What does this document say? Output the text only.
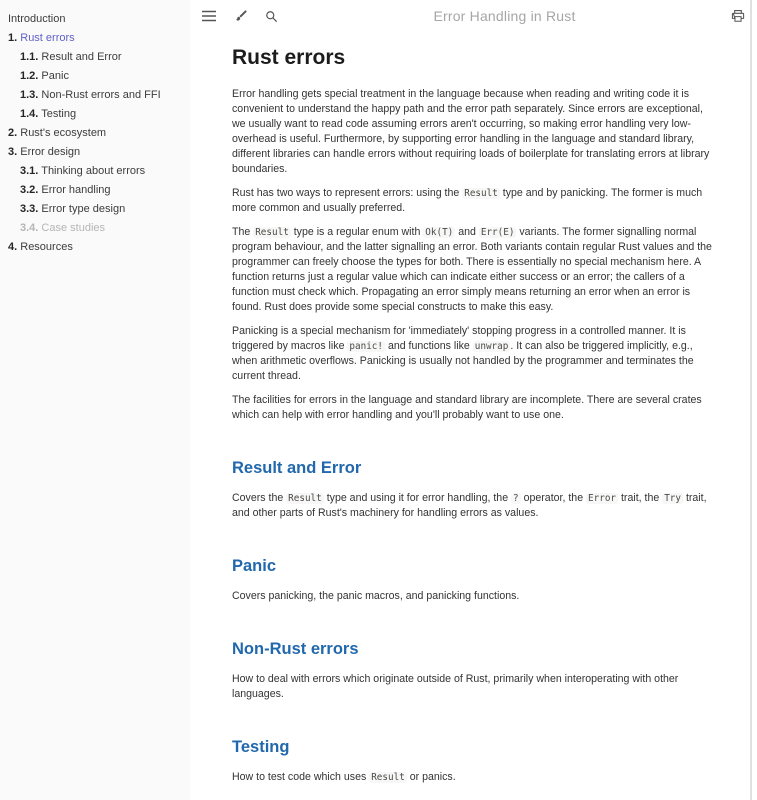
Introduction
1. Rust errors
1.1. Result and Error
1.2. Panic
1.3. Non-Rust errors and FFI
1.4. Testing
2. Rust's ecosystem
3. Error design
3.1. Thinking about errors
3.2. Error handling
3.3. Error type design
3.4. Case studies
4. Resources
Error Handling in Rust
Rust errors

Error handling gets special treatment in the language because when reading and writing code it is convenient to understand the happy path and the error path separately. Since errors are exceptional, we usually want to read code assuming errors aren't occurring, so making error handling very low-overhead is useful. Furthermore, by supporting error handling in the language and standard library, different libraries can handle errors without requiring loads of boilerplate for translating errors at library boundaries.

Rust has two ways to represent errors: using the Result type and by panicking. The former is much more common and usually preferred.

The Result type is a regular enum with Ok(T) and Err(E) variants. The former signalling normal program behaviour, and the latter signalling an error. Both variants contain regular Rust values and the programmer can freely choose the types for both. There is essentially no special mechanism here. A function returns just a regular value which can indicate either success or an error; the callers of a function must check which. Propagating an error simply means returning an error when an error is found. Rust does provide some special constructs to make this easy.

Panicking is a special mechanism for 'immediately' stopping progress in a controlled manner. It is triggered by macros like panic! and functions like unwrap . It can also be triggered implicitly, e.g., when arithmetic overflows. Panicking is usually not handled by the programmer and terminates the current thread.

The facilities for errors in the language and standard library are incomplete. There are several crates which can help with error handling and you'll probably want to use one.

Result and Error

Covers the Result type and using it for error handling, the ? operator, the Error trait, the Try trait, and other parts of Rust's machinery for handling errors as values.

Panic

Covers panicking, the panic macros, and panicking functions.

Non-Rust errors

How to deal with errors which originate outside of Rust, primarily when interoperating with other languages.

Testing

How to test code which uses Result or panics.
